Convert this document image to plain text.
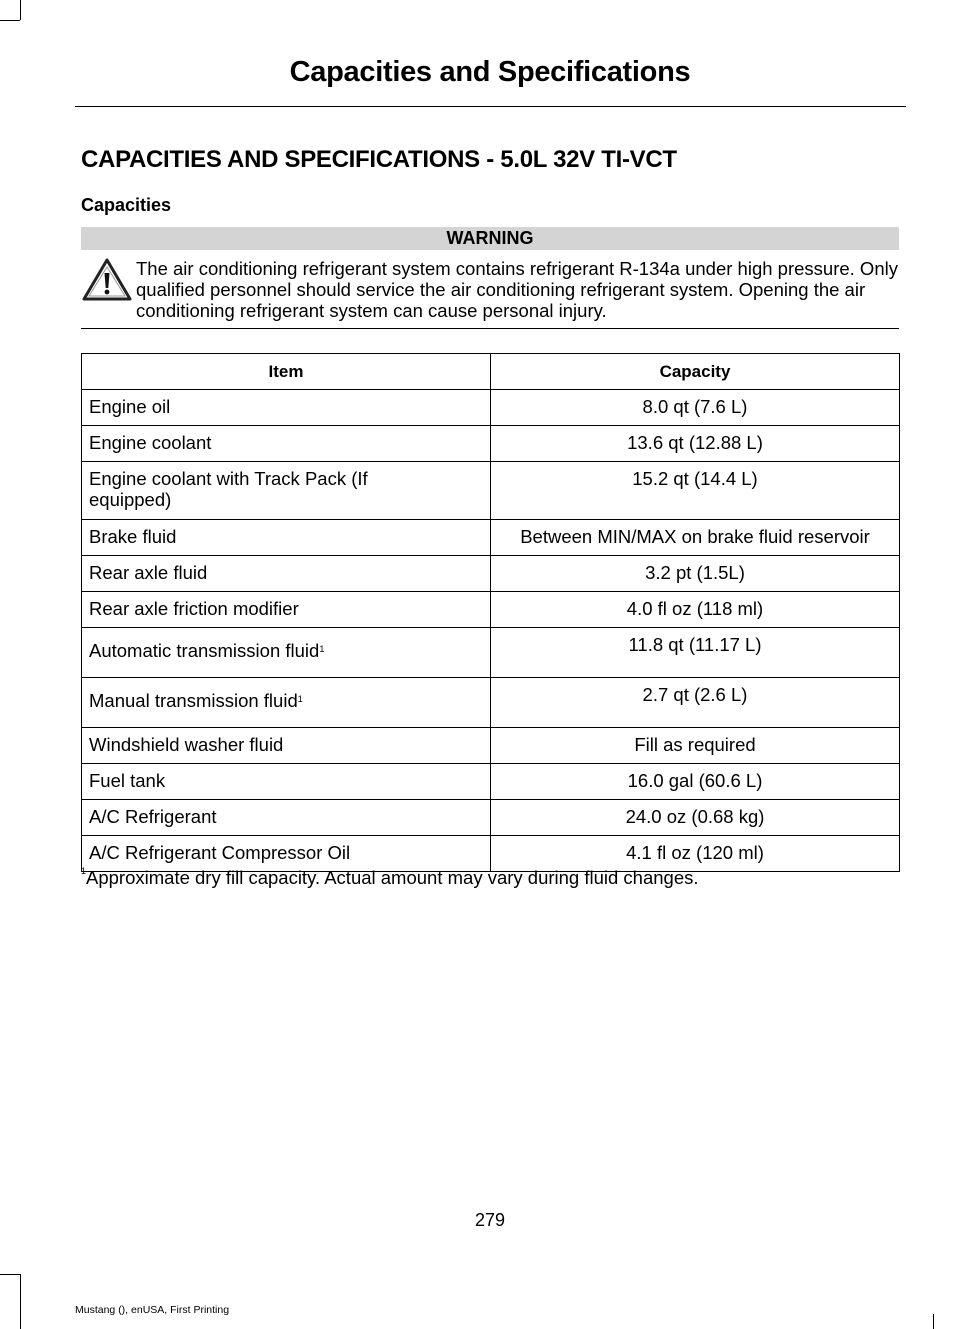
Capacities and Specifications
CAPACITIES AND SPECIFICATIONS - 5.0L 32V TI-VCT
Capacities
WARNING
The air conditioning refrigerant system contains refrigerant R-134a under high pressure. Only qualified personnel should service the air conditioning refrigerant system. Opening the air conditioning refrigerant system can cause personal injury.
Item	Capacity
Engine oil	8.0 qt (7.6 L)
Engine coolant	13.6 qt (12.88 L)
Engine coolant with Track Pack (If equipped)	15.2 qt (14.4 L)
Brake fluid	Between MIN/MAX on brake fluid reservoir
Rear axle fluid	3.2 pt (1.5L)
Rear axle friction modifier	4.0 fl oz (118 ml)
Automatic transmission fluid$^1$	11.8 qt (11.17 L)
Manual transmission fluid$^1$	2.7 qt (2.6 L)
Windshield washer fluid	Fill as required
Fuel tank	16.0 gal (60.6 L)
A/C Refrigerant	24.0 oz (0.68 kg)
A/C Refrigerant Compressor Oil	4.1 fl oz (120 ml)
$^1$Approximate dry fill capacity. Actual amount may vary during fluid changes.
279
Mustang (), enUSA, First Printing
